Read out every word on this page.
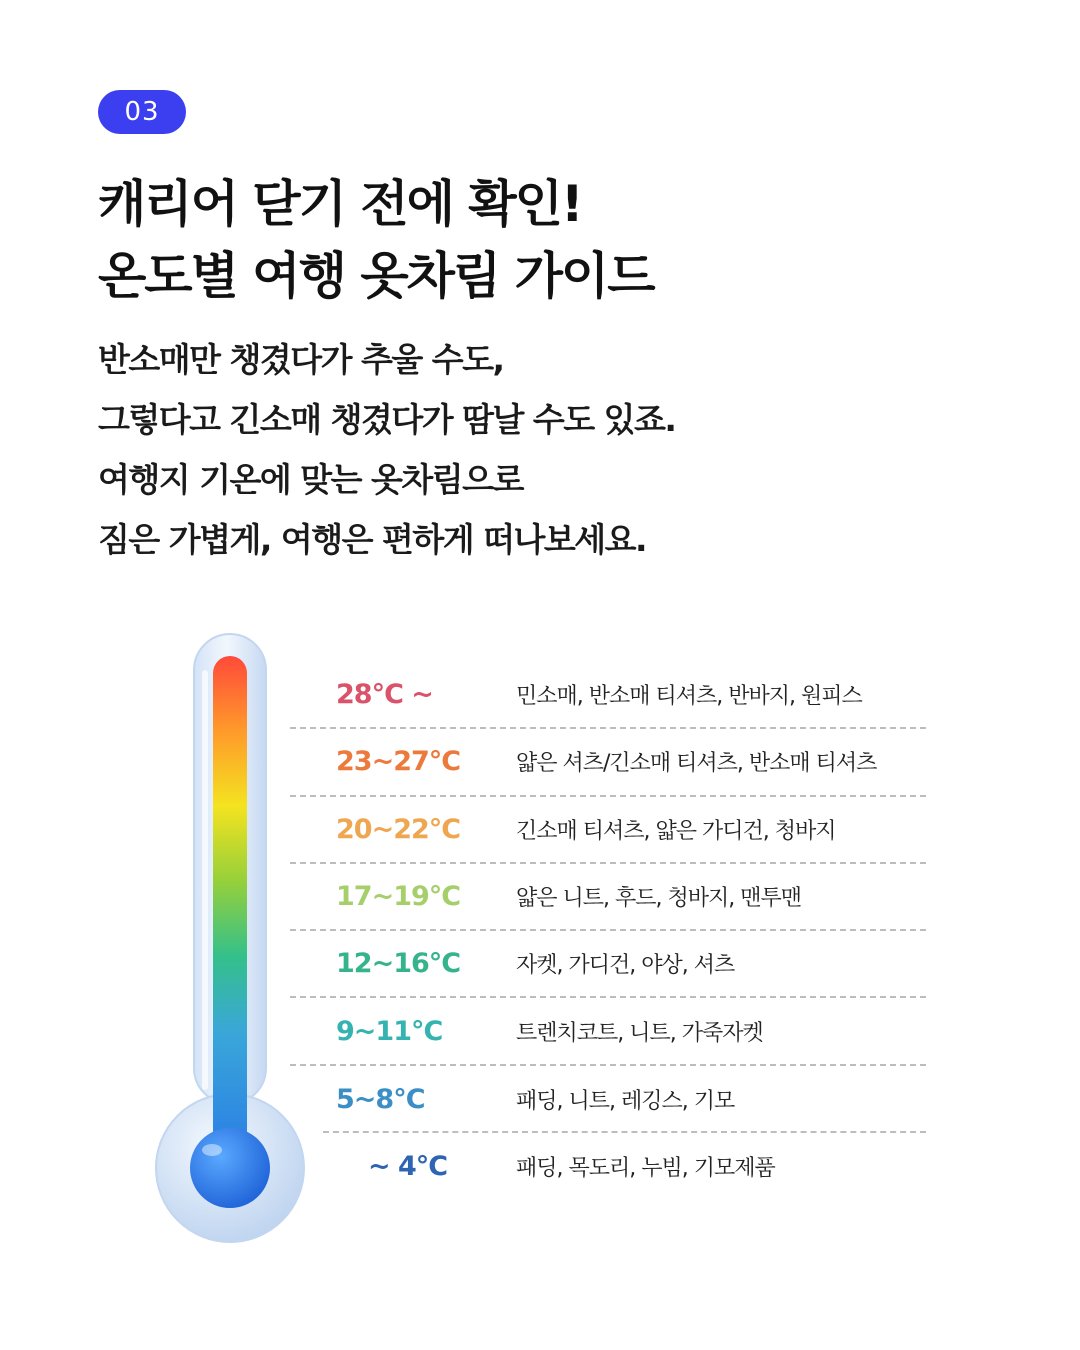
03
캐리어 닫기 전에 확인!
온도별 여행 옷차림 가이드

반소매만 챙겼다가 추울 수도,
그렇다고 긴소매 챙겼다가 땀날 수도 있죠.
여행지 기온에 맞는 옷차림으로
짐은 가볍게, 여행은 편하게 떠나보세요.

28°C ~	민소매, 반소매 티셔츠, 반바지, 원피스
23~27°C	얇은 셔츠/긴소매 티셔츠, 반소매 티셔츠
20~22°C	긴소매 티셔츠, 얇은 가디건, 청바지
17~19°C	얇은 니트, 후드, 청바지, 맨투맨
12~16°C	자켓, 가디건, 야상, 셔츠
9~11°C	트렌치코트, 니트, 가죽자켓
5~8°C	패딩, 니트, 레깅스, 기모
~ 4°C	패딩, 목도리, 누빔, 기모제품
